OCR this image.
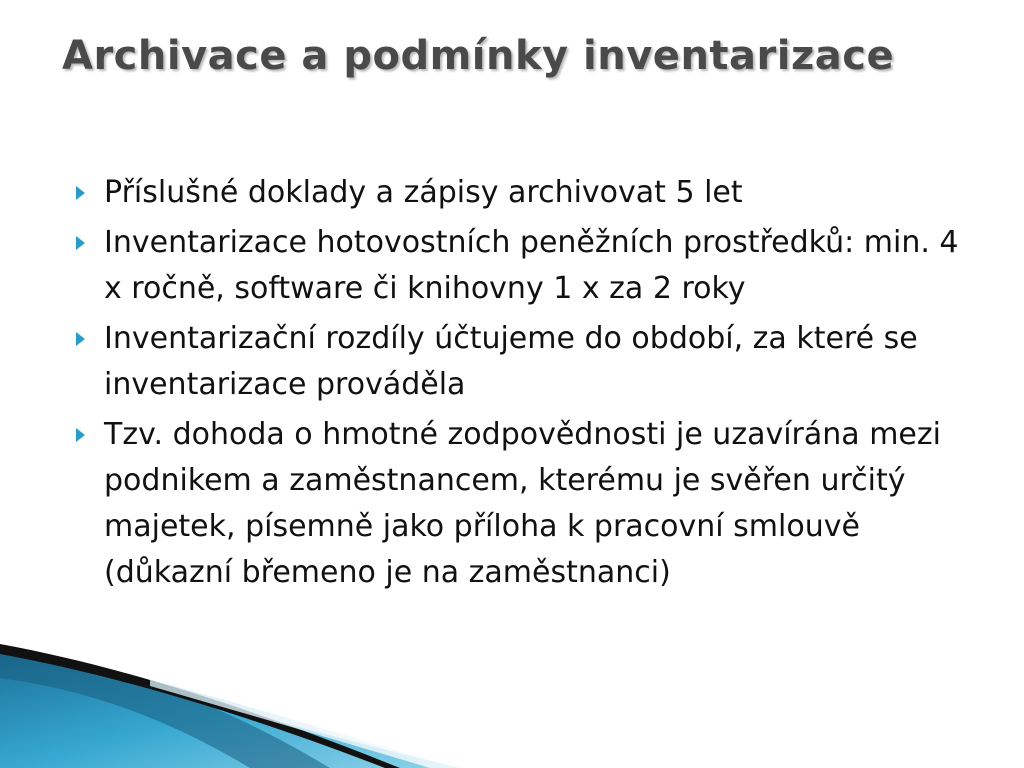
Archivace a podmínky inventarizace
Příslušné doklady a zápisy archivovat 5 let
Inventarizace hotovostních peněžních prostředků: min. 4 x ročně, software či knihovny 1 x za 2 roky
Inventarizační rozdíly účtujeme do období, za které se inventarizace prováděla
Tzv. dohoda o hmotné zodpovědnosti je uzavírána mezi podnikem a zaměstnancem, kterému je svěřen určitý majetek, písemně jako příloha k pracovní smlouvě (důkazní břemeno je na zaměstnanci)
